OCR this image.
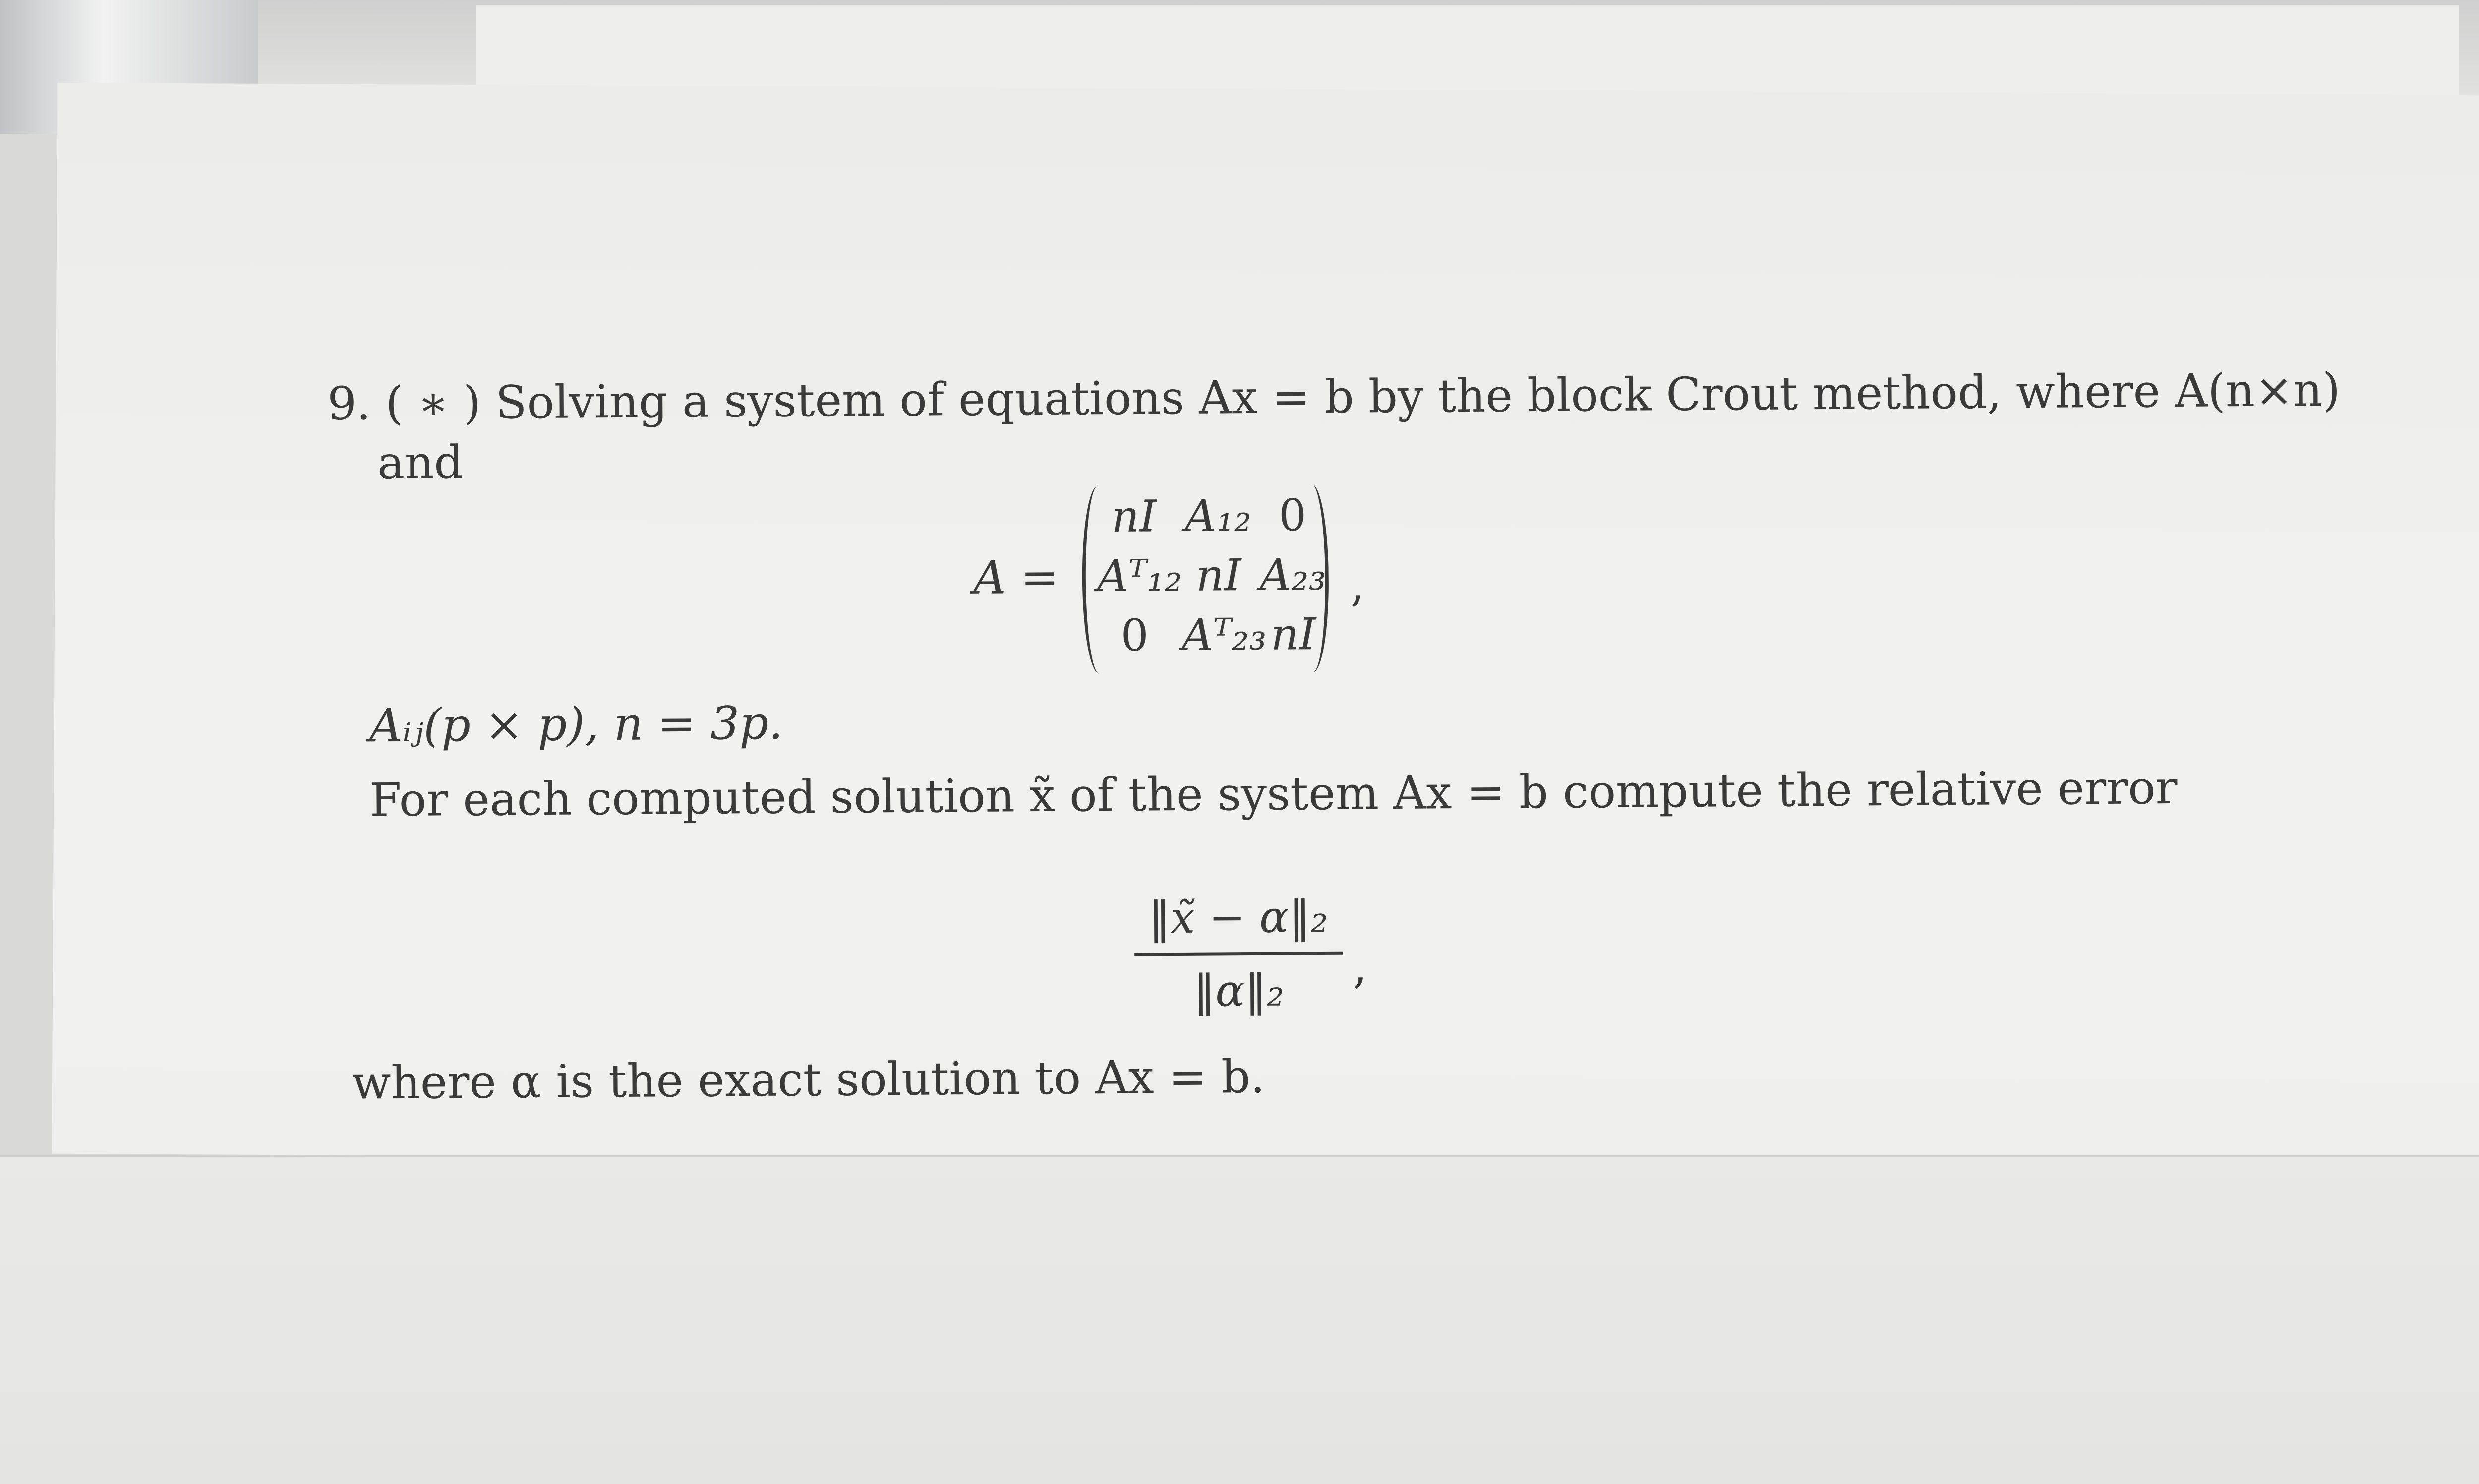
9. ( ∗ ) Solving a system of equations Ax = b by the block Crout method, where A(n×n)
and
A =
nI A₁₂ 0
Aᵀ₁₂ nI A₂₃
0 Aᵀ₂₃ nI
,
Aᵢⱼ(p × p), n = 3p.
For each computed solution x̃ of the system Ax = b compute the relative error
‖x̃ − α‖₂
‖α‖₂	,
where α is the exact solution to Ax = b.
